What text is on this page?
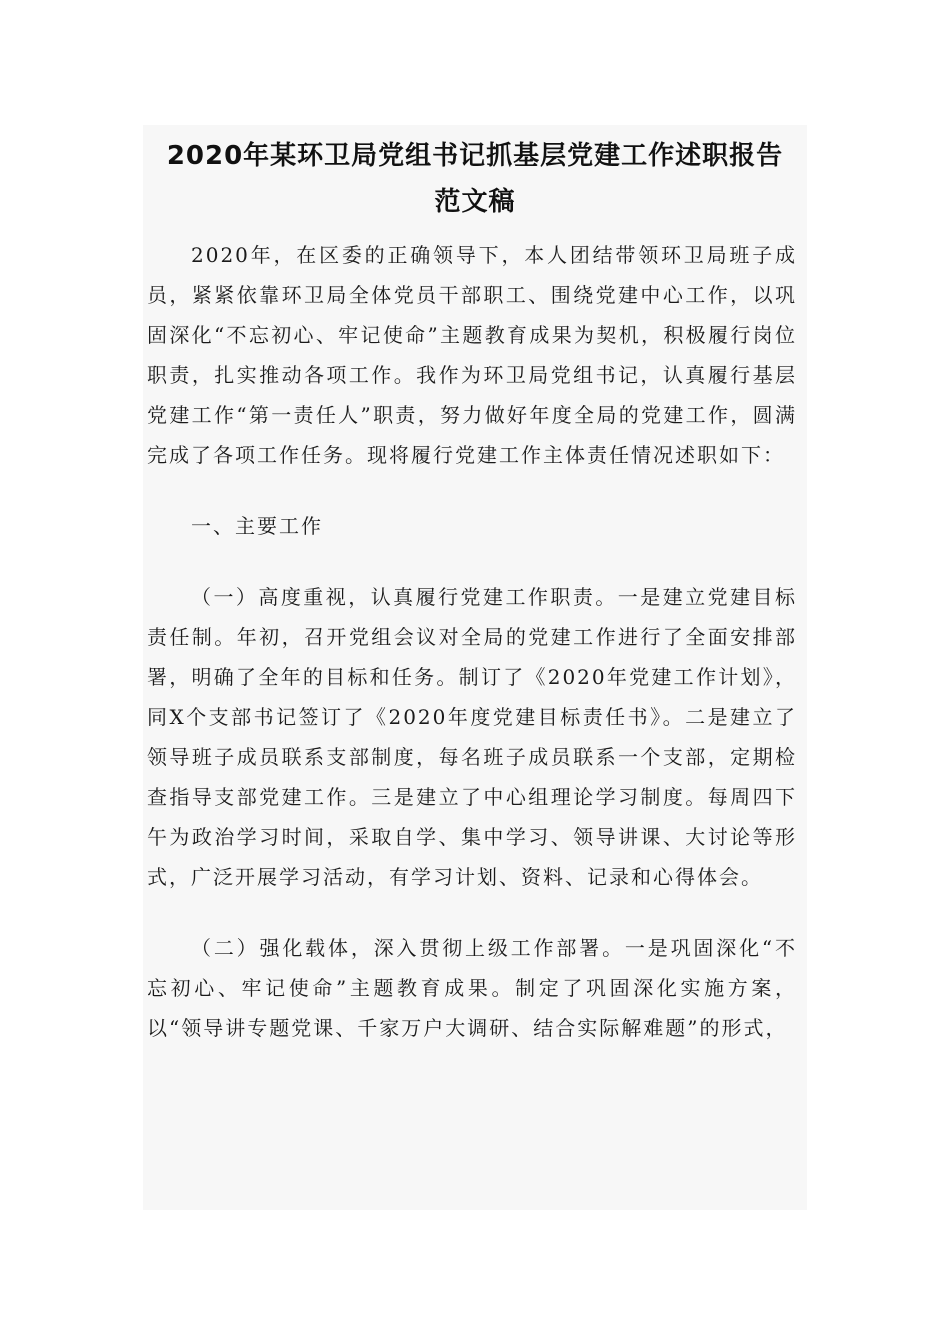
2020年某环卫局党组书记抓基层党建工作述职报告
范文稿

2020年，在区委的正确领导下，本人团结带领环卫局班子成员，紧紧依靠环卫局全体党员干部职工、围绕党建中心工作，以巩固深化“不忘初心、牢记使命”主题教育成果为契机，积极履行岗位职责，扎实推动各项工作。我作为环卫局党组书记，认真履行基层党建工作“第一责任人”职责，努力做好年度全局的党建工作，圆满完成了各项工作任务。现将履行党建工作主体责任情况述职如下：

一、主要工作

（一）高度重视，认真履行党建工作职责。一是建立党建目标责任制。年初，召开党组会议对全局的党建工作进行了全面安排部署，明确了全年的目标和任务。制订了《2020年党建工作计划》，同X个支部书记签订了《2020年度党建目标责任书》。二是建立了领导班子成员联系支部制度，每名班子成员联系一个支部，定期检查指导支部党建工作。三是建立了中心组理论学习制度。每周四下午为政治学习时间，采取自学、集中学习、领导讲课、大讨论等形式，广泛开展学习活动，有学习计划、资料、记录和心得体会。

（二）强化载体，深入贯彻上级工作部署。一是巩固深化“不忘初心、牢记使命”主题教育成果。制定了巩固深化实施方案，以“领导讲专题党课、千家万户大调研、结合实际解难题”的形式，
